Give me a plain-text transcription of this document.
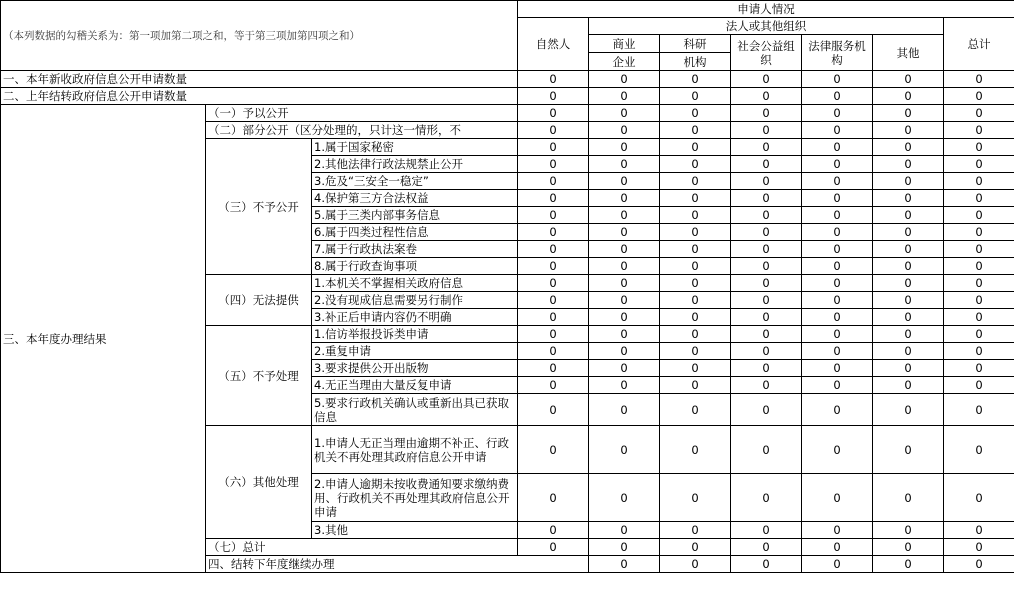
（本列数据的勾稽关系为：第一项加第二项之和，等于第三项加第四项之和）			申请人情况							
			自然人	法人或其他组织					总计	
				商业	科研	社会公益组织	法律服务机构	其他		
				企业	机构					
一、本年新收政府信息公开申请数量			0	0	0	0	0	0	0	
二、上年结转政府信息公开申请数量			0	0	0	0	0	0	0	
三、本年度办理结果	（一）予以公开		0	0	0	0	0	0	0	
	（二）部分公开（区分处理的，只计这一情形，不		0	0	0	0	0	0	0	
	（三）不予公开	1.属于国家秘密	0	0	0	0	0	0	0	
		2.其他法律行政法规禁止公开	0	0	0	0	0	0	0	
		3.危及“三安全一稳定”	0	0	0	0	0	0	0	
		4.保护第三方合法权益	0	0	0	0	0	0	0	
		5.属于三类内部事务信息	0	0	0	0	0	0	0	
		6.属于四类过程性信息	0	0	0	0	0	0	0	
		7.属于行政执法案卷	0	0	0	0	0	0	0	
		8.属于行政查询事项	0	0	0	0	0	0	0	
	（四）无法提供	1.本机关不掌握相关政府信息	0	0	0	0	0	0	0	
		2.没有现成信息需要另行制作	0	0	0	0	0	0	0	
		3.补正后申请内容仍不明确	0	0	0	0	0	0	0	
	（五）不予处理	1.信访举报投诉类申请	0	0	0	0	0	0	0	
		2.重复申请	0	0	0	0	0	0	0	
		3.要求提供公开出版物	0	0	0	0	0	0	0	
		4.无正当理由大量反复申请	0	0	0	0	0	0	0	
		5.要求行政机关确认或重新出具已获取信息	0	0	0	0	0	0	0	
	（六）其他处理	1.申请人无正当理由逾期不补正、行政机关不再处理其政府信息公开申请	0	0	0	0	0	0	0	
		2.申请人逾期未按收费通知要求缴纳费用、行政机关不再处理其政府信息公开申请	0	0	0	0	0	0	0	
		3.其他	0	0	0	0	0	0	0	
	（七）总计		0	0	0	0	0	0	0	
	四、结转下年度继续办理			0	0	0	0	0	0	
